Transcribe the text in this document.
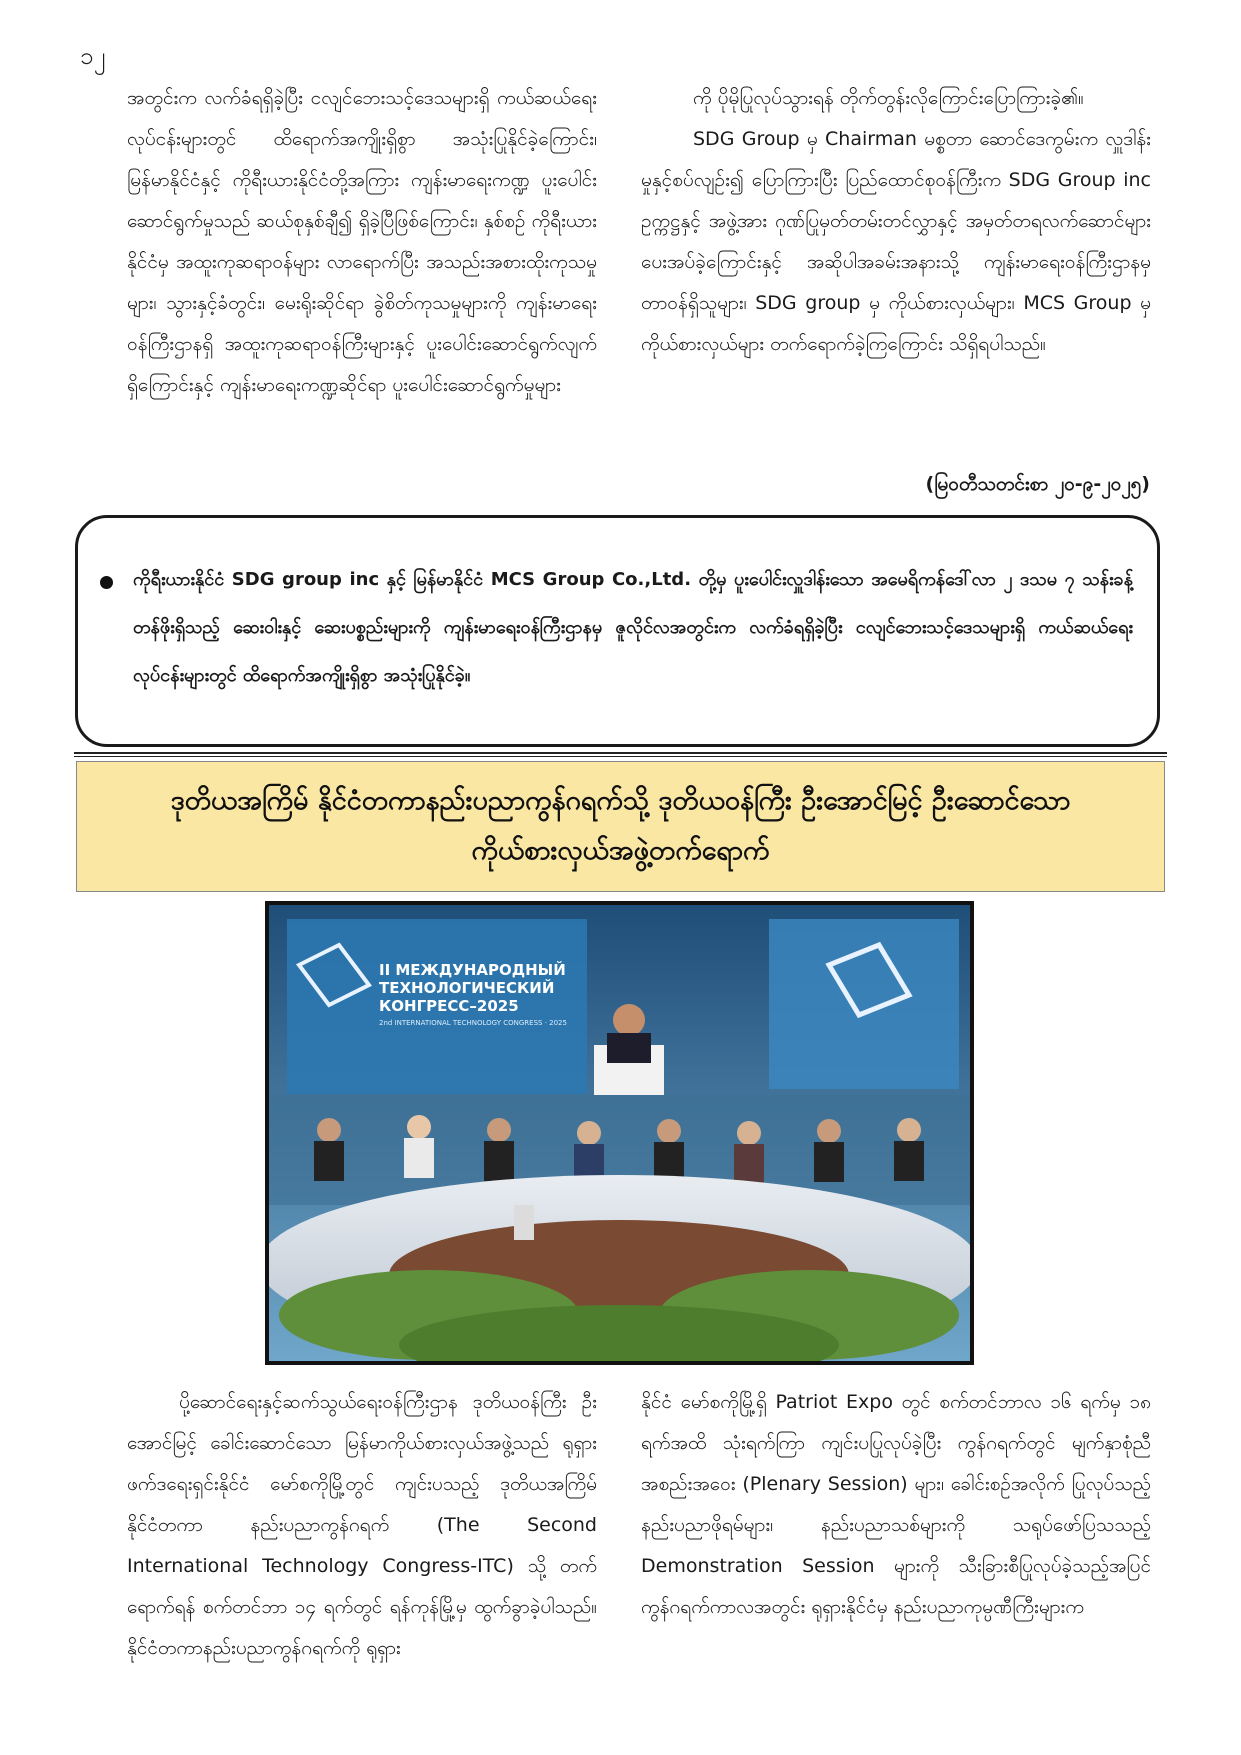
၁၂

အတွင်းက လက်ခံရရှိခဲ့ပြီး ငလျင်ဘေးသင့်ဒေသများရှိ ကယ်ဆယ်ရေးလုပ်ငန်းများတွင် ထိရောက်အကျိုးရှိစွာ အသုံးပြုနိုင်ခဲ့ကြောင်း၊ မြန်မာနိုင်ငံနှင့် ကိုရီးယားနိုင်ငံတို့အကြား ကျန်းမာရေးကဏ္ဍ ပူးပေါင်းဆောင်ရွက်မှုသည် ဆယ်စုနှစ်ချီ၍ ရှိခဲ့ပြီဖြစ်ကြောင်း၊ နှစ်စဉ် ကိုရီးယားနိုင်ငံမှ အထူးကုဆရာဝန်များ လာရောက်ပြီး အသည်းအစားထိုးကုသမှုများ၊ သွားနှင့်ခံတွင်း၊ မေးရိုးဆိုင်ရာ ခွဲစိတ်ကုသမှုများကို ကျန်းမာရေးဝန်ကြီးဌာနရှိ အထူးကုဆရာဝန်ကြီးများနှင့် ပူးပေါင်းဆောင်ရွက်လျက်ရှိကြောင်းနှင့် ကျန်းမာရေးကဏ္ဍဆိုင်ရာ ပူးပေါင်းဆောင်ရွက်မှုများ

ကို ပိုမိုပြုလုပ်သွားရန် တိုက်တွန်းလိုကြောင်းပြောကြားခဲ့၏။

SDG Group မှ Chairman မစ္စတာ ဆောင်ဒေကွမ်းက လှူဒါန်းမှုနှင့်စပ်လျဉ်း၍ ပြောကြားပြီး ပြည်ထောင်စုဝန်ကြီးက SDG Group inc ဥက္ကဋ္ဌနှင့် အဖွဲ့အား ဂုဏ်ပြုမှတ်တမ်းတင်လွှာနှင့် အမှတ်တရလက်ဆောင်များ ပေးအပ်ခဲ့ကြောင်းနှင့် အဆိုပါအခမ်းအနားသို့ ကျန်းမာရေးဝန်ကြီးဌာနမှ တာဝန်ရှိသူများ၊ SDG group မှ ကိုယ်စားလှယ်များ၊ MCS Group မှ ကိုယ်စားလှယ်များ တက်ရောက်ခဲ့ကြကြောင်း သိရှိရပါသည်။

(မြဝတီသတင်းစာ ၂၀-၉-၂၀၂၅)
ကိုရီးယားနိုင်ငံ SDG group inc နှင့် မြန်မာနိုင်ငံ MCS Group Co.,Ltd. တို့မှ ပူးပေါင်းလှူဒါန်းသော အမေရိကန်ဒေါ်လာ ၂ ဒသမ ၇ သန်းခန့်တန်ဖိုးရှိသည့် ဆေးဝါးနှင့် ဆေးပစ္စည်းများကို ကျန်းမာရေးဝန်ကြီးဌာနမှ ဇူလိုင်လအတွင်းက လက်ခံရရှိခဲ့ပြီး ငလျင်ဘေးသင့်ဒေသများရှိ ကယ်ဆယ်ရေးလုပ်ငန်းများတွင် ထိရောက်အကျိုးရှိစွာ အသုံးပြုနိုင်ခဲ့။
ဒုတိယအကြိမ် နိုင်ငံတကာနည်းပညာကွန်ဂရက်သို့ ဒုတိယဝန်ကြီး ဦးအောင်မြင့် ဦးဆောင်သော
ကိုယ်စားလှယ်အဖွဲ့တက်ရောက်
II МЕЖДУНАРОДНЫЙ
ТЕХНОЛОГИЧЕСКИЙ
КОНГРЕСС–2025
2nd INTERNATIONAL TECHNOLOGY CONGRESS · 2025

ပို့ဆောင်ရေးနှင့်ဆက်သွယ်ရေးဝန်ကြီးဌာန ဒုတိယဝန်ကြီး ဦးအောင်မြင့် ခေါင်းဆောင်သော မြန်မာကိုယ်စားလှယ်အဖွဲ့သည် ရုရှားဖက်ဒရေးရှင်းနိုင်ငံ မော်စကိုမြို့တွင် ကျင်းပသည့် ဒုတိယအကြိမ် နိုင်ငံတကာ နည်းပညာကွန်ဂရက် (The Second International Technology Congress-ITC) သို့ တက်ရောက်ရန် စက်တင်ဘာ ၁၄ ရက်တွင် ရန်ကုန်မြို့မှ ထွက်ခွာခဲ့ပါသည်။ နိုင်ငံတကာနည်းပညာကွန်ဂရက်ကို ရုရှား

နိုင်ငံ မော်စကိုမြို့ရှိ Patriot Expo တွင် စက်တင်ဘာလ ၁၆ ရက်မှ ၁၈ ရက်အထိ သုံးရက်ကြာ ကျင်းပပြုလုပ်ခဲ့ပြီး ကွန်ဂရက်တွင် မျက်နှာစုံညီအစည်းအဝေး (Plenary Session) များ၊ ခေါင်းစဉ်အလိုက် ပြုလုပ်သည့် နည်းပညာဖိုရမ်များ၊ နည်းပညာသစ်များကို သရုပ်ဖော်ပြသသည့် Demonstration Session များကို သီးခြားစီပြုလုပ်ခဲ့သည့်အပြင် ကွန်ဂရက်ကာလအတွင်း ရုရှားနိုင်ငံမှ နည်းပညာကုမ္ပဏီကြီးများက
